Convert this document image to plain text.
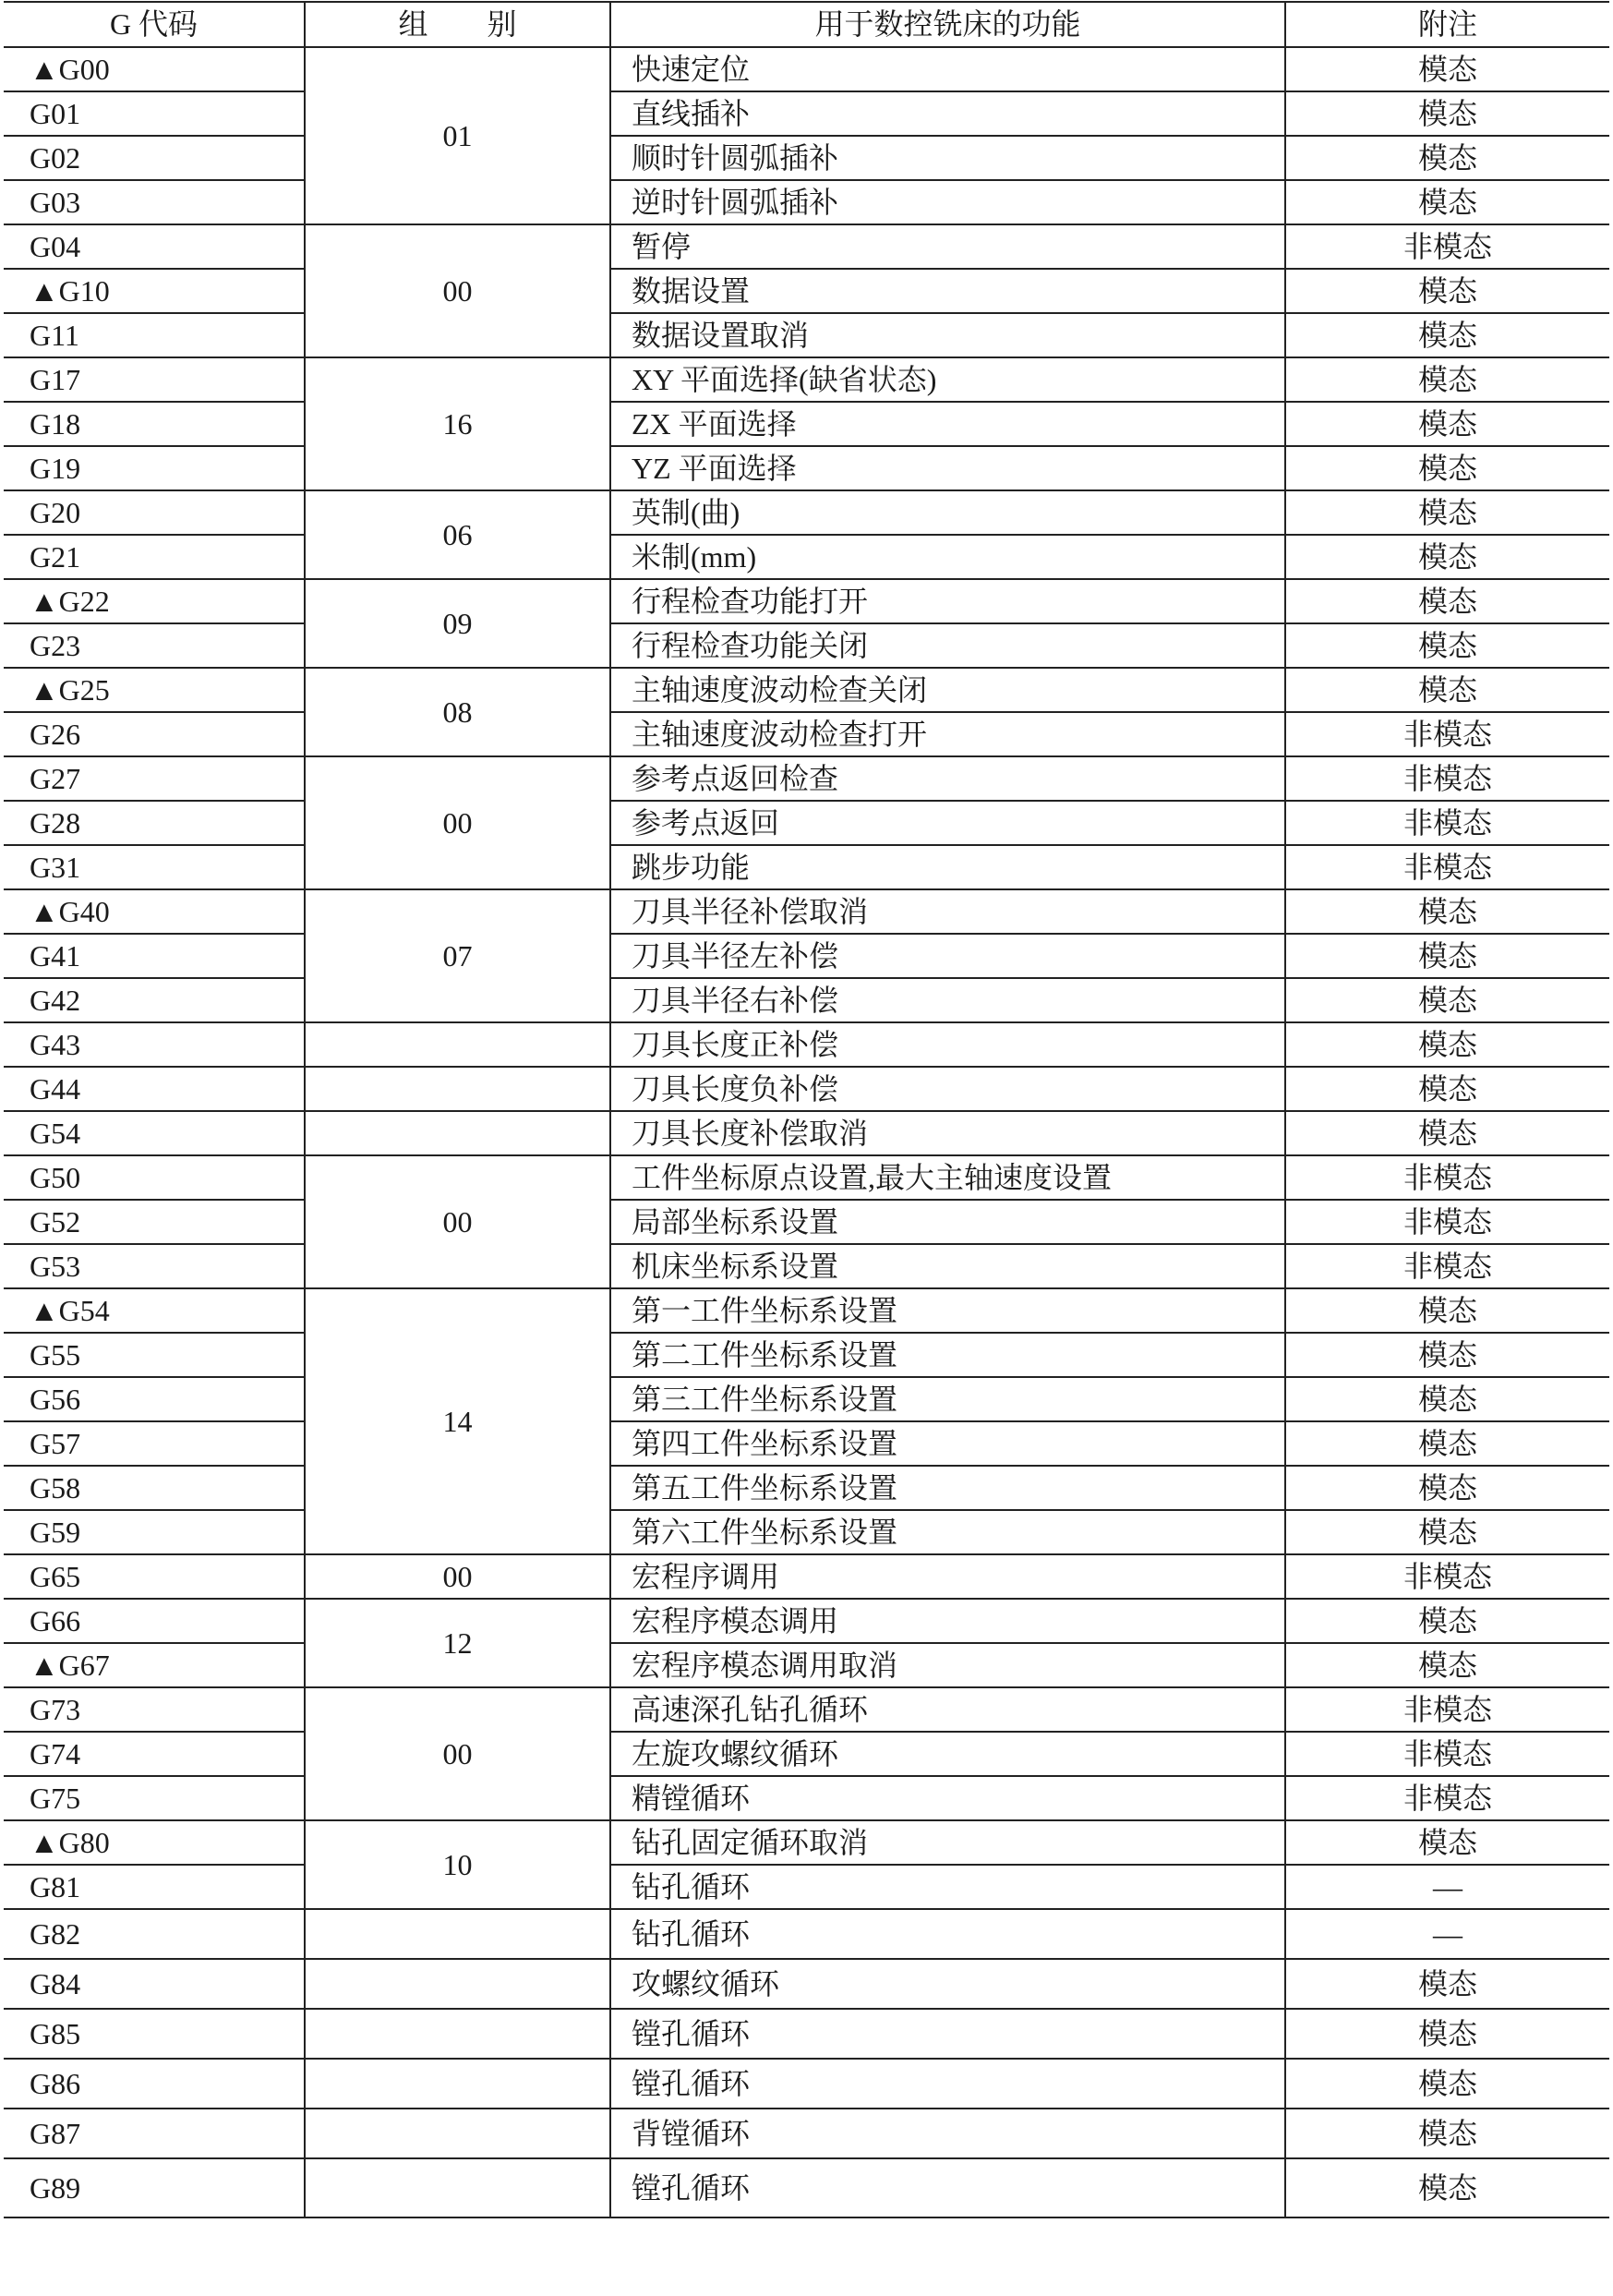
G 代码	组　　别	用于数控铣床的功能	附注
▲G00	01	快速定位	模态
G01		直线插补	模态
G02		顺时针圆弧插补	模态
G03		逆时针圆弧插补	模态
G04	00	暂停	非模态
▲G10		数据设置	模态
G11		数据设置取消	模态
G17	16	XY 平面选择(缺省状态)	模态
G18		ZX 平面选择	模态
G19		YZ 平面选择	模态
G20	06	英制(曲)	模态
G21		米制(mm)	模态
▲G22	09	行程检查功能打开	模态
G23		行程检查功能关闭	模态
▲G25	08	主轴速度波动检查关闭	模态
G26		主轴速度波动检查打开	非模态
G27	00	参考点返回检查	非模态
G28		参考点返回	非模态
G31		跳步功能	非模态
▲G40	07	刀具半径补偿取消	模态
G41		刀具半径左补偿	模态
G42		刀具半径右补偿	模态
G43		刀具长度正补偿	模态
G44		刀具长度负补偿	模态
G54		刀具长度补偿取消	模态
G50	00	工件坐标原点设置,最大主轴速度设置	非模态
G52		局部坐标系设置	非模态
G53		机床坐标系设置	非模态
▲G54	14	第一工件坐标系设置	模态
G55		第二工件坐标系设置	模态
G56		第三工件坐标系设置	模态
G57		第四工件坐标系设置	模态
G58		第五工件坐标系设置	模态
G59		第六工件坐标系设置	模态
G65	00	宏程序调用	非模态
G66	12	宏程序模态调用	模态
▲G67		宏程序模态调用取消	模态
G73	00	高速深孔钻孔循环	非模态
G74		左旋攻螺纹循环	非模态
G75		精镗循环	非模态
▲G80	10	钻孔固定循环取消	模态
G81		钻孔循环	—
G82		钻孔循环	—
G84		攻螺纹循环	模态
G85		镗孔循环	模态
G86		镗孔循环	模态
G87		背镗循环	模态
G89		镗孔循环	模态
